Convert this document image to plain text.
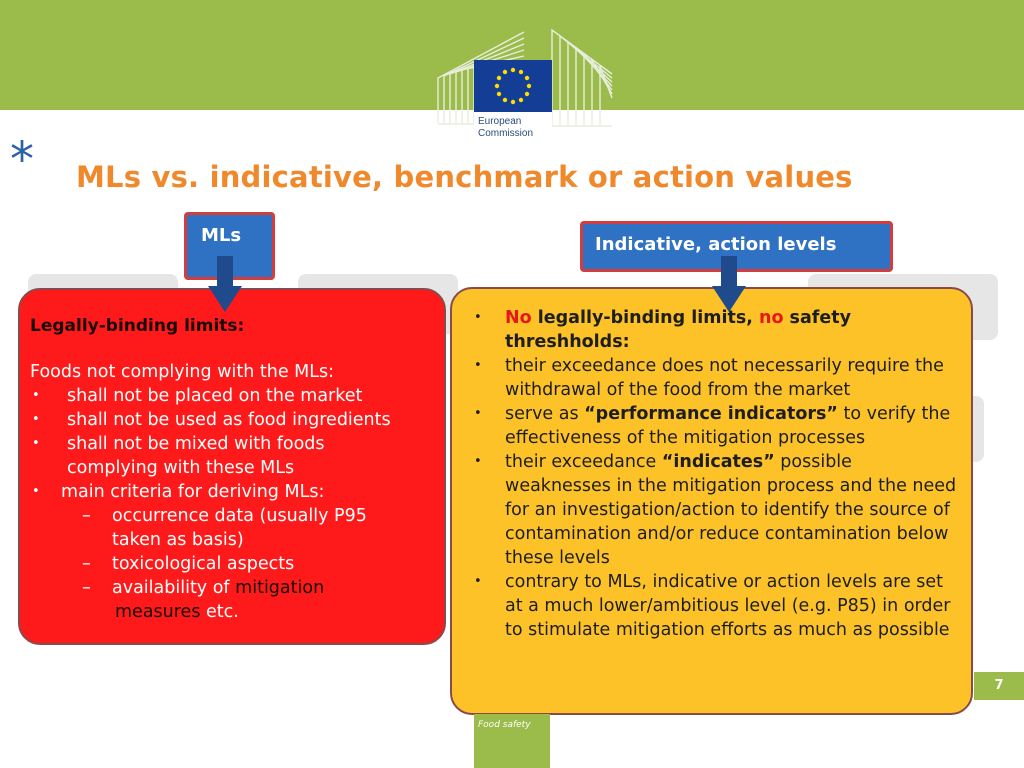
European
Commission
* MLs vs. indicative, benchmark or action values
MLs	Indicative, action levels
Legally-binding limits:
Foods not complying with the MLs:
• shall not be placed on the market
• shall not be used as food ingredients
• shall not be mixed with foods
complying with these MLs
• main criteria for deriving MLs:
– occurrence data (usually P95
taken as basis)
– toxicological aspects
– availability of mitigation
measures etc.
• No legally-binding limits, no safety threshholds:
• their exceedance does not necessarily require the withdrawal of the food from the market
• serve as “performance indicators” to verify the effectiveness of the mitigation processes
• their exceedance “indicates” possible weaknesses in the mitigation process and the need for an investigation/action to identify the source of contamination and/or reduce contamination below these levels
• contrary to MLs, indicative or action levels are set at a much lower/ambitious level (e.g. P85) in order to stimulate mitigation efforts as much as possible
7
Food safety
